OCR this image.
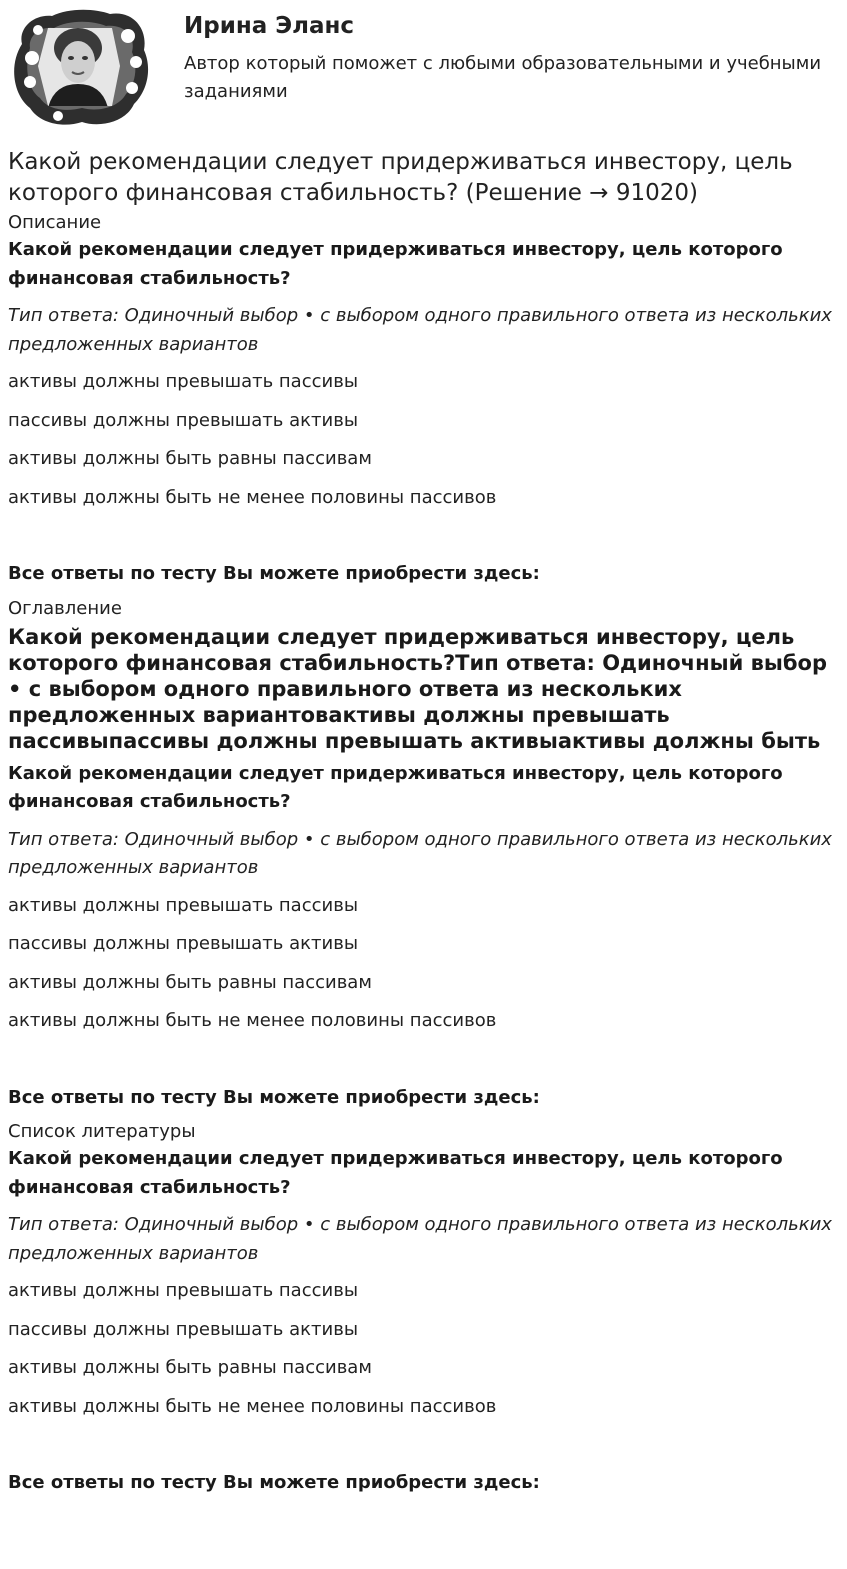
Ирина Эланс
Автор который поможет с любыми образовательными и учебными заданиями
Какой рекомендации следует придерживаться инвестору, цель которого финансовая стабильность? (Решение → 91020)
Описание
Какой рекомендации следует придерживаться инвестору, цель которого финансовая стабильность?
Тип ответа: Одиночный выбор • с выбором одного правильного ответа из нескольких предложенных вариантов
активы должны превышать пассивы
пассивы должны превышать активы
активы должны быть равны пассивам
активы должны быть не менее половины пассивов
Все ответы по тесту Вы можете приобрести здесь:
Оглавление
Какой рекомендации следует придерживаться инвестору, цель которого финансовая стабильность?Тип ответа: Одиночный выбор • с выбором одного правильного ответа из нескольких предложенных вариантовактивы должны превышать пассивыпассивы должны превышать активыактивы должны быть
Какой рекомендации следует придерживаться инвестору, цель которого финансовая стабильность?
Тип ответа: Одиночный выбор • с выбором одного правильного ответа из нескольких предложенных вариантов
активы должны превышать пассивы
пассивы должны превышать активы
активы должны быть равны пассивам
активы должны быть не менее половины пассивов
Все ответы по тесту Вы можете приобрести здесь:
Список литературы
Какой рекомендации следует придерживаться инвестору, цель которого финансовая стабильность?
Тип ответа: Одиночный выбор • с выбором одного правильного ответа из нескольких предложенных вариантов
активы должны превышать пассивы
пассивы должны превышать активы
активы должны быть равны пассивам
активы должны быть не менее половины пассивов
Все ответы по тесту Вы можете приобрести здесь:
